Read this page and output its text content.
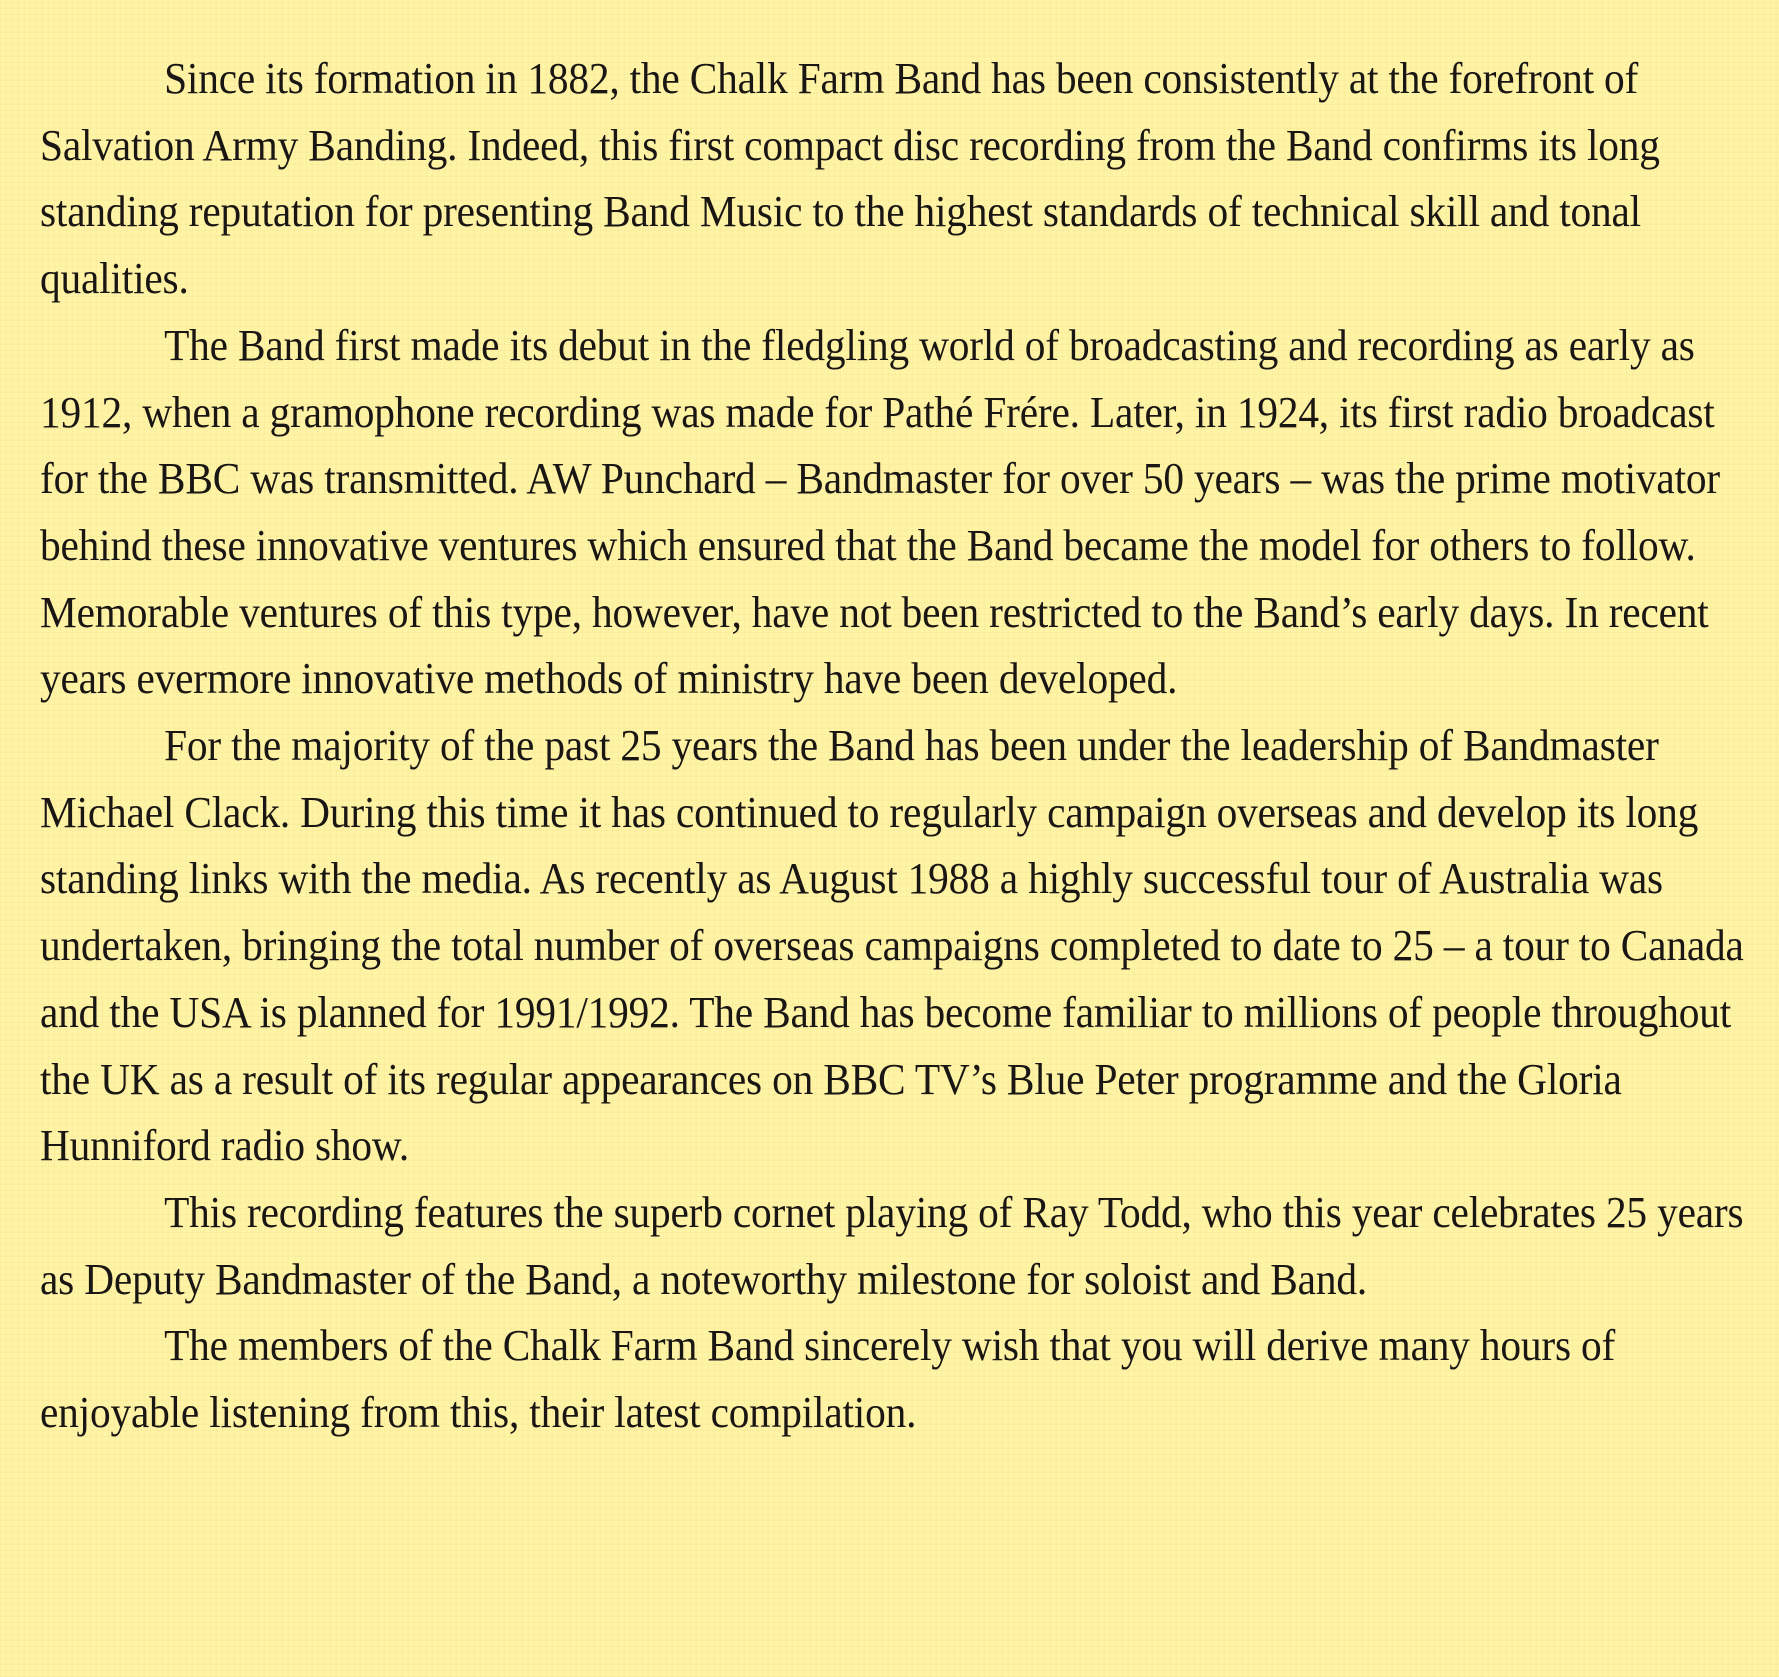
Since its formation in 1882, the Chalk Farm Band has been consistently at the forefront of Salvation Army Banding. Indeed, this first compact disc recording from the Band confirms its long standing reputation for presenting Band Music to the highest standards of technical skill and tonal qualities.

The Band first made its debut in the fledgling world of broadcasting and recording as early as 1912, when a gramophone recording was made for Pathé Frére. Later, in 1924, its first radio broadcast for the BBC was transmitted. AW Punchard – Bandmaster for over 50 years – was the prime motivator behind these innovative ventures which ensured that the Band became the model for others to follow. Memorable ventures of this type, however, have not been restricted to the Band’s early days. In recent years evermore innovative methods of ministry have been developed.

For the majority of the past 25 years the Band has been under the leadership of Bandmaster Michael Clack. During this time it has continued to regularly campaign overseas and develop its long standing links with the media. As recently as August 1988 a highly successful tour of Australia was undertaken, bringing the total number of overseas campaigns completed to date to 25 – a tour to Canada and the USA is planned for 1991/1992. The Band has become familiar to millions of people throughout the UK as a result of its regular appearances on BBC TV’s Blue Peter programme and the Gloria Hunniford radio show.

This recording features the superb cornet playing of Ray Todd, who this year celebrates 25 years as Deputy Bandmaster of the Band, a noteworthy milestone for soloist and Band.

The members of the Chalk Farm Band sincerely wish that you will derive many hours of enjoyable listening from this, their latest compilation.
